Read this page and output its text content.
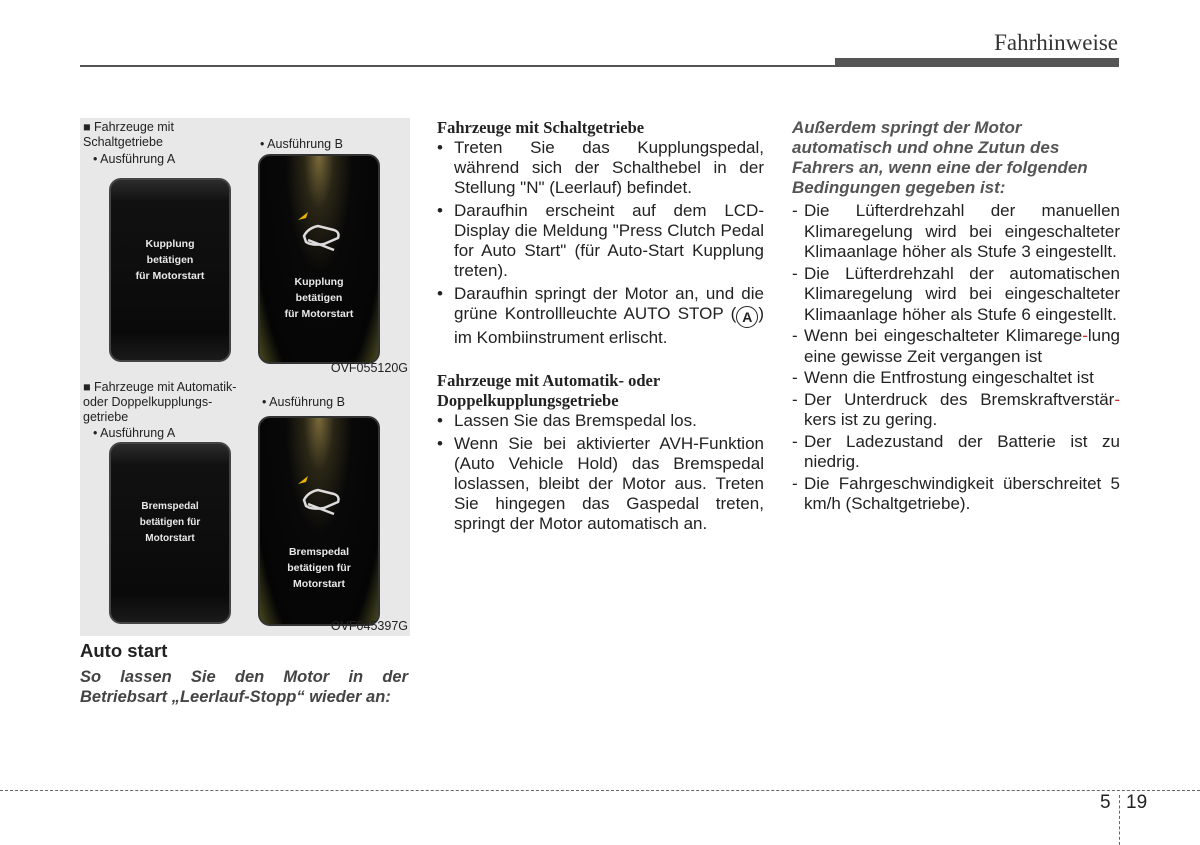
Fahrhinweise
■ Fahrzeuge mit Schaltgetriebe
• Ausführung A
• Ausführung B
Kupplung
betätigen
für Motorstart	Kupplung
betätigen
für Motorstart
OVF055120G
■ Fahrzeuge mit Automatik-
oder Doppelkupplungs-
getriebe
• Ausführung A
• Ausführung B
Bremspedal
betätigen für
Motorstart
Bremspedal
betätigen für
Motorstart
OVF045397G
Auto start
So lassen Sie den Motor in der Betriebsart „Leerlauf-Stopp“ wieder an:
Fahrzeuge mit Schaltgetriebe
• Treten Sie das Kupplungspedal, während sich der Schalthebel in der Stellung "N" (Leerlauf) befindet.
• Daraufhin erscheint auf dem LCD-Display die Meldung "Press Clutch Pedal for Auto Start" (für Auto-Start Kupplung treten).
• Daraufhin springt der Motor an, und die grüne Kontrollleuchte AUTO STOP ( A ) im Kombiinstrument erlischt.
Fahrzeuge mit Automatik- oder Doppelkupplungsgetriebe
• Lassen Sie das Bremspedal los.
• Wenn Sie bei aktivierter AVH-Funktion (Auto Vehicle Hold) das Bremspedal loslassen, bleibt der Motor aus. Treten Sie hingegen das Gaspedal treten, springt der Motor automatisch an.
Außerdem springt der Motor automatisch und ohne Zutun des Fahrers an, wenn eine der folgenden Bedingungen gegeben ist:
- Die Lüfterdrehzahl der manuellen Klimaregelung wird bei eingeschalteter Klimaanlage höher als Stufe 3 eingestellt.
- Die Lüfterdrehzahl der automatischen Klimaregelung wird bei eingeschalteter Klimaanlage höher als Stufe 6 eingestellt.
- Wenn bei eingeschalteter Klimarege-lung eine gewisse Zeit vergangen ist
- Wenn die Entfrostung eingeschaltet ist
- Der Unterdruck des Bremskraftverstär-kers ist zu gering.
- Der Ladezustand der Batterie ist zu niedrig.
- Die Fahrgeschwindigkeit überschreitet 5 km/h (Schaltgetriebe).
5 19
